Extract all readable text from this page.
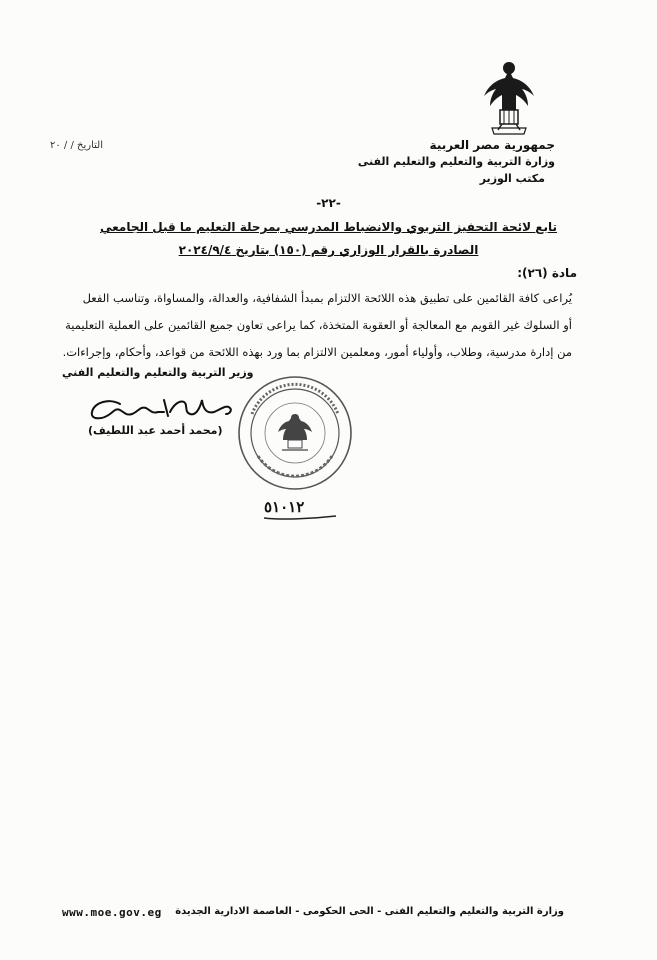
جمهورية مصر العربية
وزارة التربية والتعليم والتعليم الفنى
مكتب الوزير
التاريخ / / ٢٠
-٢٢-
تابع لائحة التحفيز التربوي والانضباط المدرسي بمرحلة التعليم ما قبل الجامعي
الصادرة بالقرار الوزاري رقم (١٥٠) بتاريخ ٢٠٢٤/٩/٤
مادة (٢٦):
يُراعى كافة القائمين على تطبيق هذه اللائحة الالتزام بمبدأ الشفافية، والعدالة، والمساواة، وتناسب الفعل
أو السلوك غير القويم مع المعالجة أو العقوبة المتخذة، كما يراعى تعاون جميع القائمين على العملية التعليمية
من إدارة مدرسية، وطلاب، وأولياء أمور، ومعلمين الالتزام بما ورد بهذه اللائحة من قواعد، وأحكام، وإجراءات.
وزير التربية والتعليم والتعليم الفني
(محمد أحمد عبد اللطيف)
٥١٠١٢
www.moe.gov.eg وزارة التربية والتعليم والتعليم الفنى - الحى الحكومى - العاصمة الادارية الجديدة
